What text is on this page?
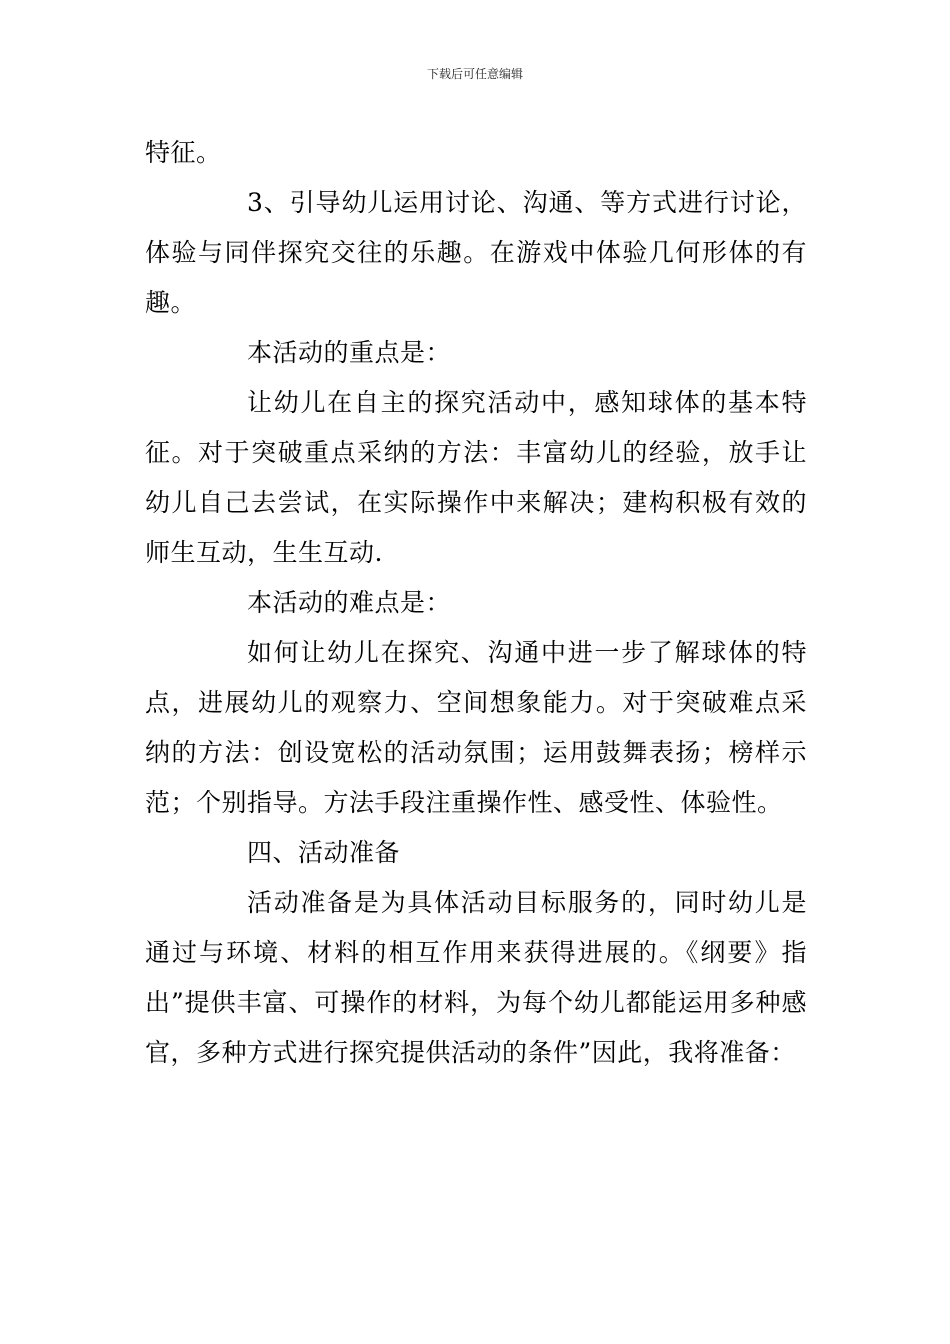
下载后可任意编辑

特征。

3、引导幼儿运用讨论、沟通、等方式进行讨论，体验与同伴探究交往的乐趣。在游戏中体验几何形体的有趣。

本活动的重点是：

让幼儿在自主的探究活动中，感知球体的基本特征。对于突破重点采纳的方法：丰富幼儿的经验，放手让幼儿自己去尝试，在实际操作中来解决；建构积极有效的师生互动，生生互动.

本活动的难点是：

如何让幼儿在探究、沟通中进一步了解球体的特点，进展幼儿的观察力、空间想象能力。对于突破难点采纳的方法：创设宽松的活动氛围；运用鼓舞表扬；榜样示范；个别指导。方法手段注重操作性、感受性、体验性。

四、活动准备

活动准备是为具体活动目标服务的，同时幼儿是通过与环境、材料的相互作用来获得进展的。《纲要》指出”提供丰富、可操作的材料，为每个幼儿都能运用多种感官，多种方式进行探究提供活动的条件”因此，我将准备：
